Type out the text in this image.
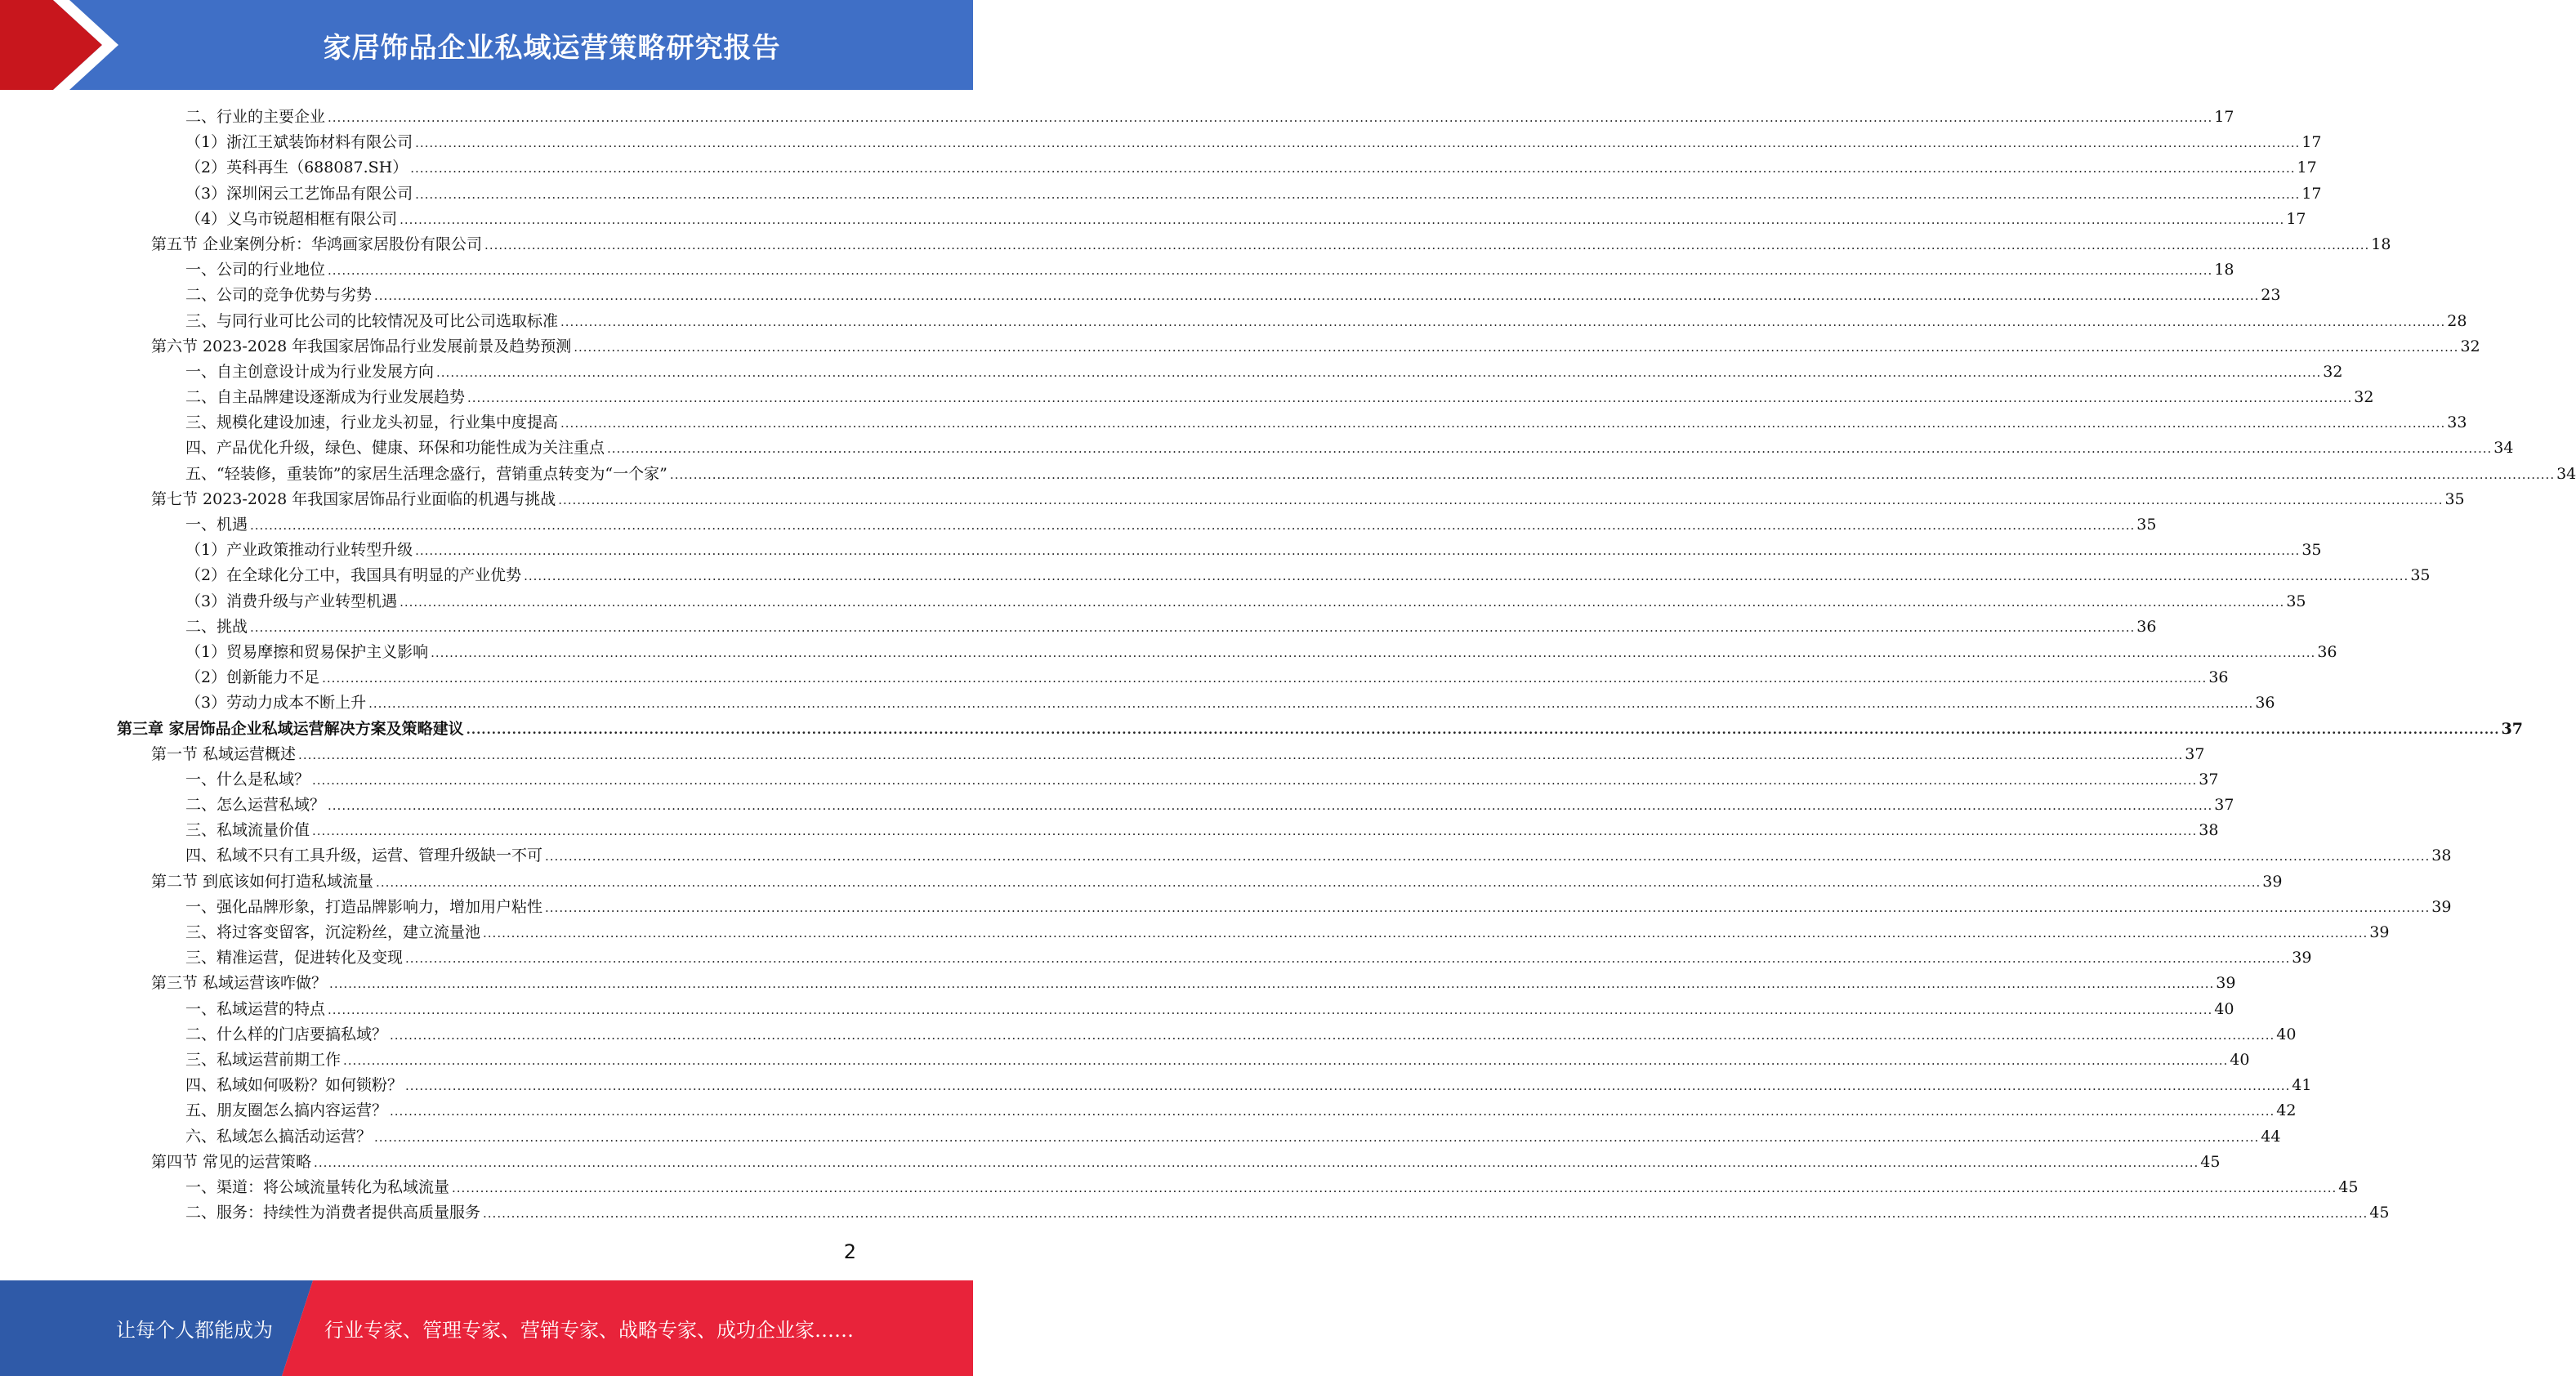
家居饰品企业私域运营策略研究报告
二、行业的主要企业 ................................................................................................................................................................................................................................................................................................................................................................................................................ 17
（1）浙江王斌装饰材料有限公司 ................................................................................................................................................................................................................................................................................................................................................................................................................ 17
（2）英科再生（688087.SH） ................................................................................................................................................................................................................................................................................................................................................................................................................ 17
（3）深圳闲云工艺饰品有限公司 ................................................................................................................................................................................................................................................................................................................................................................................................................ 17
（4）义乌市锐超相框有限公司 ................................................................................................................................................................................................................................................................................................................................................................................................................ 17
第五节 企业案例分析：华鸿画家居股份有限公司 ................................................................................................................................................................................................................................................................................................................................................................................................................ 18
一、公司的行业地位 ................................................................................................................................................................................................................................................................................................................................................................................................................ 18
二、公司的竞争优势与劣势 ................................................................................................................................................................................................................................................................................................................................................................................................................ 23
三、与同行业可比公司的比较情况及可比公司选取标准 ................................................................................................................................................................................................................................................................................................................................................................................................................ 28
第六节 2023-2028 年我国家居饰品行业发展前景及趋势预测 ................................................................................................................................................................................................................................................................................................................................................................................................................ 32
一、自主创意设计成为行业发展方向 ................................................................................................................................................................................................................................................................................................................................................................................................................ 32
二、自主品牌建设逐渐成为行业发展趋势 ................................................................................................................................................................................................................................................................................................................................................................................................................ 32
三、规模化建设加速，行业龙头初显，行业集中度提高 ................................................................................................................................................................................................................................................................................................................................................................................................................ 33
四、产品优化升级，绿色、健康、环保和功能性成为关注重点 ................................................................................................................................................................................................................................................................................................................................................................................................................ 34
五、“轻装修，重装饰”的家居生活理念盛行，营销重点转变为“一个家” ................................................................................................................................................................................................................................................................................................................................................................................................................ 34
第七节 2023-2028 年我国家居饰品行业面临的机遇与挑战 ................................................................................................................................................................................................................................................................................................................................................................................................................ 35
一、机遇 ................................................................................................................................................................................................................................................................................................................................................................................................................ 35
（1）产业政策推动行业转型升级 ................................................................................................................................................................................................................................................................................................................................................................................................................ 35
（2）在全球化分工中，我国具有明显的产业优势 ................................................................................................................................................................................................................................................................................................................................................................................................................ 35
（3）消费升级与产业转型机遇 ................................................................................................................................................................................................................................................................................................................................................................................................................ 35
二、挑战 ................................................................................................................................................................................................................................................................................................................................................................................................................ 36
（1）贸易摩擦和贸易保护主义影响 ................................................................................................................................................................................................................................................................................................................................................................................................................ 36
（2）创新能力不足 ................................................................................................................................................................................................................................................................................................................................................................................................................ 36
（3）劳动力成本不断上升 ................................................................................................................................................................................................................................................................................................................................................................................................................ 36
第三章 家居饰品企业私域运营解决方案及策略建议 ................................................................................................................................................................................................................................................................................................................................................................................................................ 37
第一节 私域运营概述 ................................................................................................................................................................................................................................................................................................................................................................................................................ 37
一、什么是私域？ ................................................................................................................................................................................................................................................................................................................................................................................................................ 37
二、怎么运营私域？ ................................................................................................................................................................................................................................................................................................................................................................................................................ 37
三、私域流量价值 ................................................................................................................................................................................................................................................................................................................................................................................................................ 38
四、私域不只有工具升级，运营、管理升级缺一不可 ................................................................................................................................................................................................................................................................................................................................................................................................................ 38
第二节 到底该如何打造私域流量 ................................................................................................................................................................................................................................................................................................................................................................................................................ 39
一、强化品牌形象，打造品牌影响力，增加用户粘性 ................................................................................................................................................................................................................................................................................................................................................................................................................ 39
三、将过客变留客，沉淀粉丝，建立流量池 ................................................................................................................................................................................................................................................................................................................................................................................................................ 39
三、精准运营，促进转化及变现 ................................................................................................................................................................................................................................................................................................................................................................................................................ 39
第三节 私域运营该咋做？ ................................................................................................................................................................................................................................................................................................................................................................................................................ 39
一、私域运营的特点 ................................................................................................................................................................................................................................................................................................................................................................................................................ 40
二、什么样的门店要搞私域？ ................................................................................................................................................................................................................................................................................................................................................................................................................ 40
三、私域运营前期工作 ................................................................................................................................................................................................................................................................................................................................................................................................................ 40
四、私域如何吸粉？如何锁粉？ ................................................................................................................................................................................................................................................................................................................................................................................................................ 41
五、朋友圈怎么搞内容运营？ ................................................................................................................................................................................................................................................................................................................................................................................................................ 42
六、私域怎么搞活动运营？ ................................................................................................................................................................................................................................................................................................................................................................................................................ 44
第四节 常见的运营策略 ................................................................................................................................................................................................................................................................................................................................................................................................................ 45
一、渠道：将公域流量转化为私域流量 ................................................................................................................................................................................................................................................................................................................................................................................................................ 45
二、服务：持续性为消费者提供高质量服务 ................................................................................................................................................................................................................................................................................................................................................................................................................ 45
2
让每个人都能成为	行业专家、管理专家、营销专家、战略专家、成功企业家……
